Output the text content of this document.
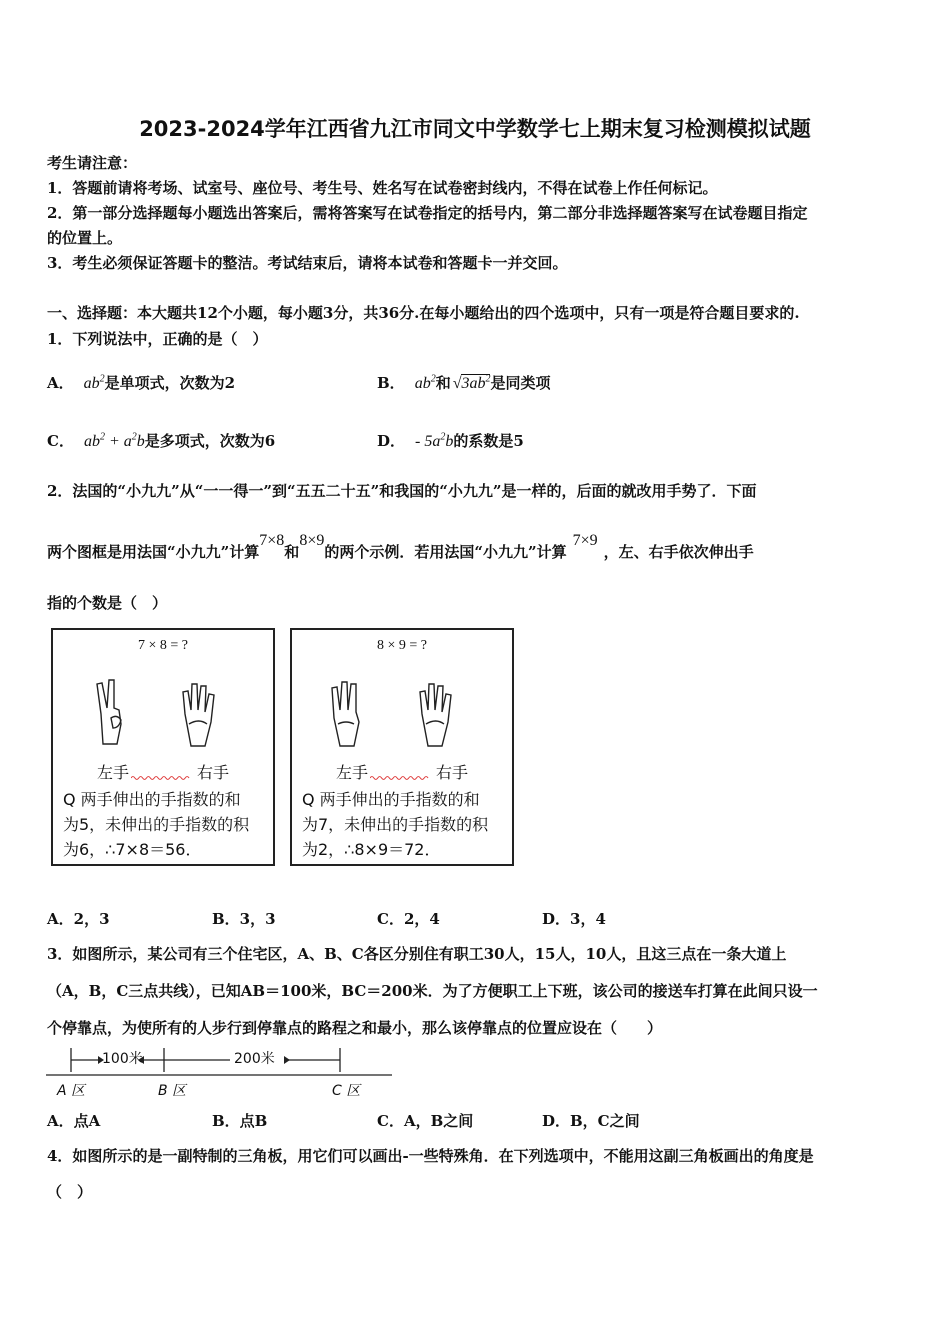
2023-2024学年江西省九江市同文中学数学七上期末复习检测模拟试题
考生请注意：
1．答题前请将考场、试室号、座位号、考生号、姓名写在试卷密封线内，不得在试卷上作任何标记。
2．第一部分选择题每小题选出答案后，需将答案写在试卷指定的括号内，第二部分非选择题答案写在试卷题目指定
的位置上。
3．考生必须保证答题卡的整洁。考试结束后，请将本试卷和答题卡一并交回。
一、选择题：本大题共12个小题，每小题3分，共36分.在每小题给出的四个选项中，只有一项是符合题目要求的.
1．下列说法中，正确的是（　）
A． $ab^2$是单项式，次数为2	B． $ab^2$和 $√3ab^2$是同类项
C． $ab^2 + a^2b$是多项式，次数为6	D． - $5a^2b$的系数是5
2．法国的“小九九”从“一一得一”到“五五二十五”和我国的“小九九”是一样的，后面的就改用手势了．下面
两个图框是用法国“小九九”计算7×8和8×9的两个示例．若用法国“小九九”计算7×9，左、右手依次伸出手
指的个数是（　）
7 × 8 = ?
左手	右手
Q 两手伸出的手指数的和
为5，未伸出的手指数的积
为6，∴7×8＝56．
8 × 9 = ?
左手	右手
Q 两手伸出的手指数的和
为7，未伸出的手指数的积
为2，∴8×9＝72．
A．2，3	B．3，3	C．2，4	D．3，4
3．如图所示，某公司有三个住宅区，A、B、C各区分别住有职工30人，15人，10人，且这三点在一条大道上
（A，B，C三点共线），已知AB＝100米，BC＝200米．为了方便职工上下班，该公司的接送车打算在此间只设一
个停靠点，为使所有的人步行到停靠点的路程之和最小，那么该停靠点的位置应设在（　　）
100米	200米
A 区	B 区	C 区
A．点A	B．点B	C．A，B之间	D．B，C之间
4．如图所示的是一副特制的三角板，用它们可以画出-一些特殊角．在下列选项中，不能用这副三角板画出的角度是
（　）
